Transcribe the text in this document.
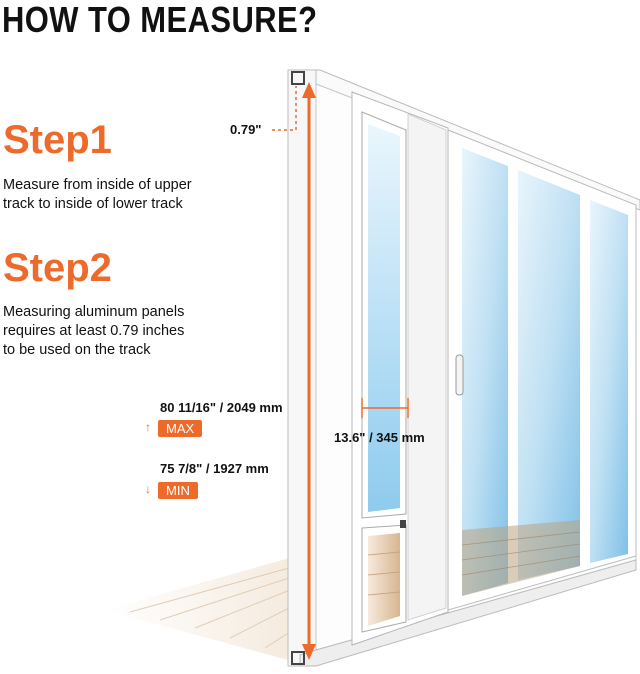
HOW TO MEASURE?
Step1
Measure from inside of upper
track to inside of lower track
Step2
Measuring aluminum panels
requires at least 0.79 inches
to be used on the track
0.79"
80 11/16" / 2049 mm
↑	MAX
75 7/8" / 1927 mm
↓	MIN
13.6" / 345 mm
